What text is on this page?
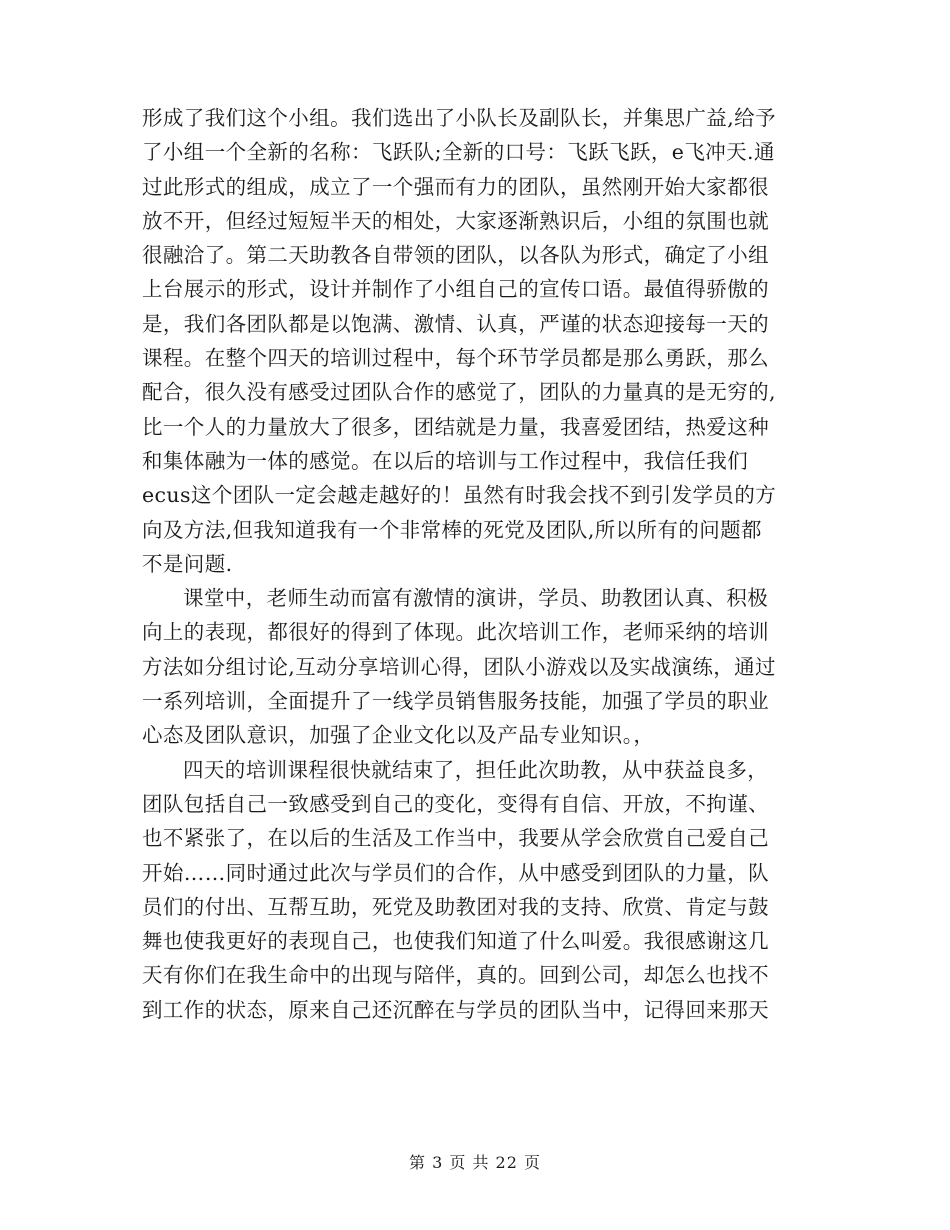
形成了我们这个小组。我们选出了小队长及副队长，并集思广益,给予
了小组一个全新的名称：飞跃队;全新的口号：飞跃飞跃，e飞冲天.通
过此形式的组成，成立了一个强而有力的团队，虽然刚开始大家都很
放不开，但经过短短半天的相处，大家逐渐熟识后，小组的氛围也就
很融洽了。第二天助教各自带领的团队，以各队为形式，确定了小组
上台展示的形式，设计并制作了小组自己的宣传口语。最值得骄傲的
是，我们各团队都是以饱满、激情、认真，严谨的状态迎接每一天的
课程。在整个四天的培训过程中，每个环节学员都是那么勇跃，那么
配合，很久没有感受过团队合作的感觉了，团队的力量真的是无穷的,
比一个人的力量放大了很多，团结就是力量，我喜爱团结，热爱这种
和集体融为一体的感觉。在以后的培训与工作过程中，我信任我们
ecus这个团队一定会越走越好的！虽然有时我会找不到引发学员的方
向及方法,但我知道我有一个非常棒的死党及团队,所以所有的问题都
不是问题.
课堂中，老师生动而富有激情的演讲，学员、助教团认真、积极
向上的表现，都很好的得到了体现。此次培训工作，老师采纳的培训
方法如分组讨论,互动分享培训心得，团队小游戏以及实战演练，通过
一系列培训，全面提升了一线学员销售服务技能，加强了学员的职业
心态及团队意识，加强了企业文化以及产品专业知识。，
四天的培训课程很快就结束了，担任此次助教，从中获益良多，
团队包括自己一致感受到自己的变化，变得有自信、开放，不拘谨、
也不紧张了，在以后的生活及工作当中，我要从学会欣赏自己爱自己
开始……同时通过此次与学员们的合作，从中感受到团队的力量，队
员们的付出、互帮互助，死党及助教团对我的支持、欣赏、肯定与鼓
舞也使我更好的表现自己，也使我们知道了什么叫爱。我很感谢这几
天有你们在我生命中的出现与陪伴，真的。回到公司，却怎么也找不
到工作的状态，原来自己还沉醉在与学员的团队当中，记得回来那天
第 3 页 共 22 页
